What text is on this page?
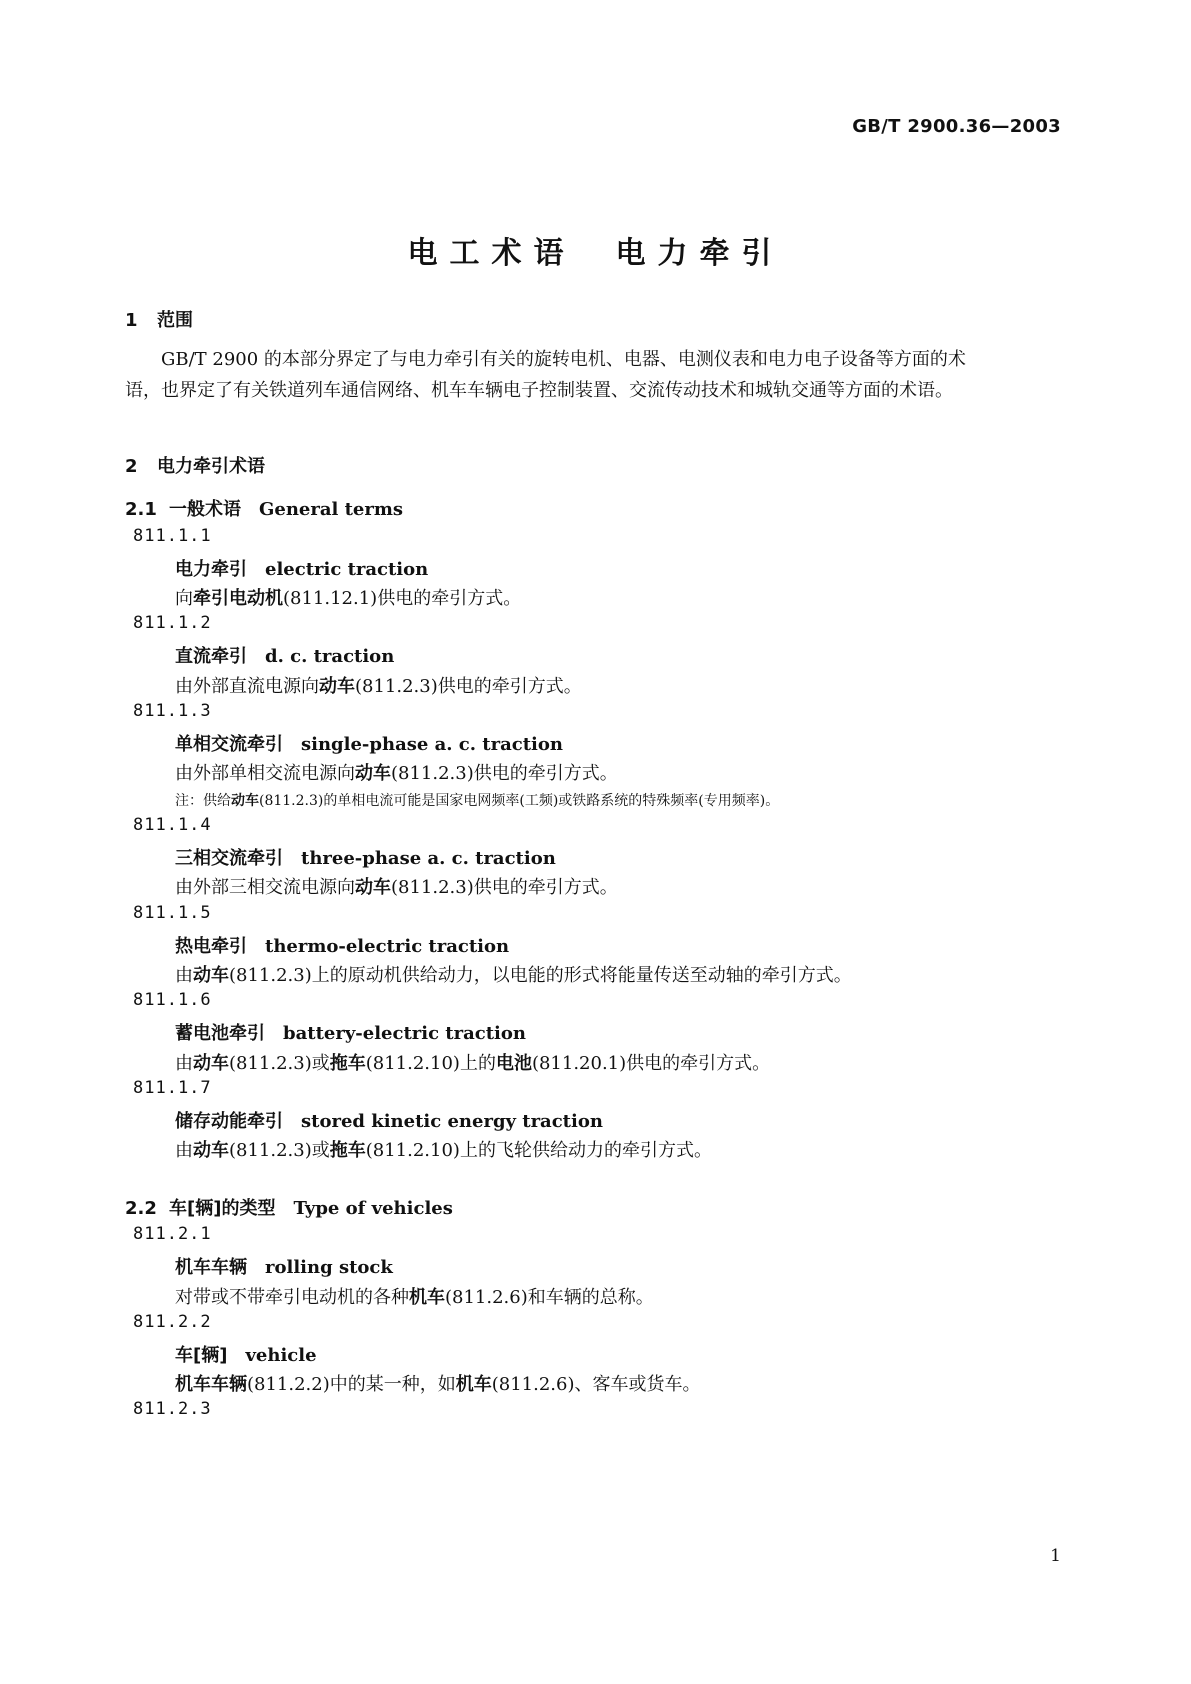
GB/T 2900.36—2003
电工术语 电力牵引
1 范围
GB/T 2900 的本部分界定了与电力牵引有关的旋转电机、电器、电测仪表和电力电子设备等方面的术语，也界定了有关铁道列车通信网络、机车车辆电子控制装置、交流传动技术和城轨交通等方面的术语。
2 电力牵引术语
2.1 一般术语 General terms
2.2 车[辆]的类型 Type of vehicles
811.1.1
电力牵引 electric traction
向牵引电动机(811.12.1)供电的牵引方式。
811.1.2
直流牵引 d. c. traction
由外部直流电源向动车(811.2.3)供电的牵引方式。
811.1.3
单相交流牵引 single-phase a. c. traction
由外部单相交流电源向动车(811.2.3)供电的牵引方式。
注：供给动车(811.2.3)的单相电流可能是国家电网频率(工频)或铁路系统的特殊频率(专用频率)。
811.1.4
三相交流牵引 three-phase a. c. traction
由外部三相交流电源向动车(811.2.3)供电的牵引方式。
811.1.5
热电牵引 thermo-electric traction
由动车(811.2.3)上的原动机供给动力，以电能的形式将能量传送至动轴的牵引方式。
811.1.6
蓄电池牵引 battery-electric traction
由动车(811.2.3)或拖车(811.2.10)上的电池(811.20.1)供电的牵引方式。
811.1.7
储存动能牵引 stored kinetic energy traction
由动车(811.2.3)或拖车(811.2.10)上的飞轮供给动力的牵引方式。
811.2.1
机车车辆 rolling stock
对带或不带牵引电动机的各种机车(811.2.6)和车辆的总称。
811.2.2
车[辆] vehicle
机车车辆(811.2.2)中的某一种，如机车(811.2.6)、客车或货车。
811.2.3
1
